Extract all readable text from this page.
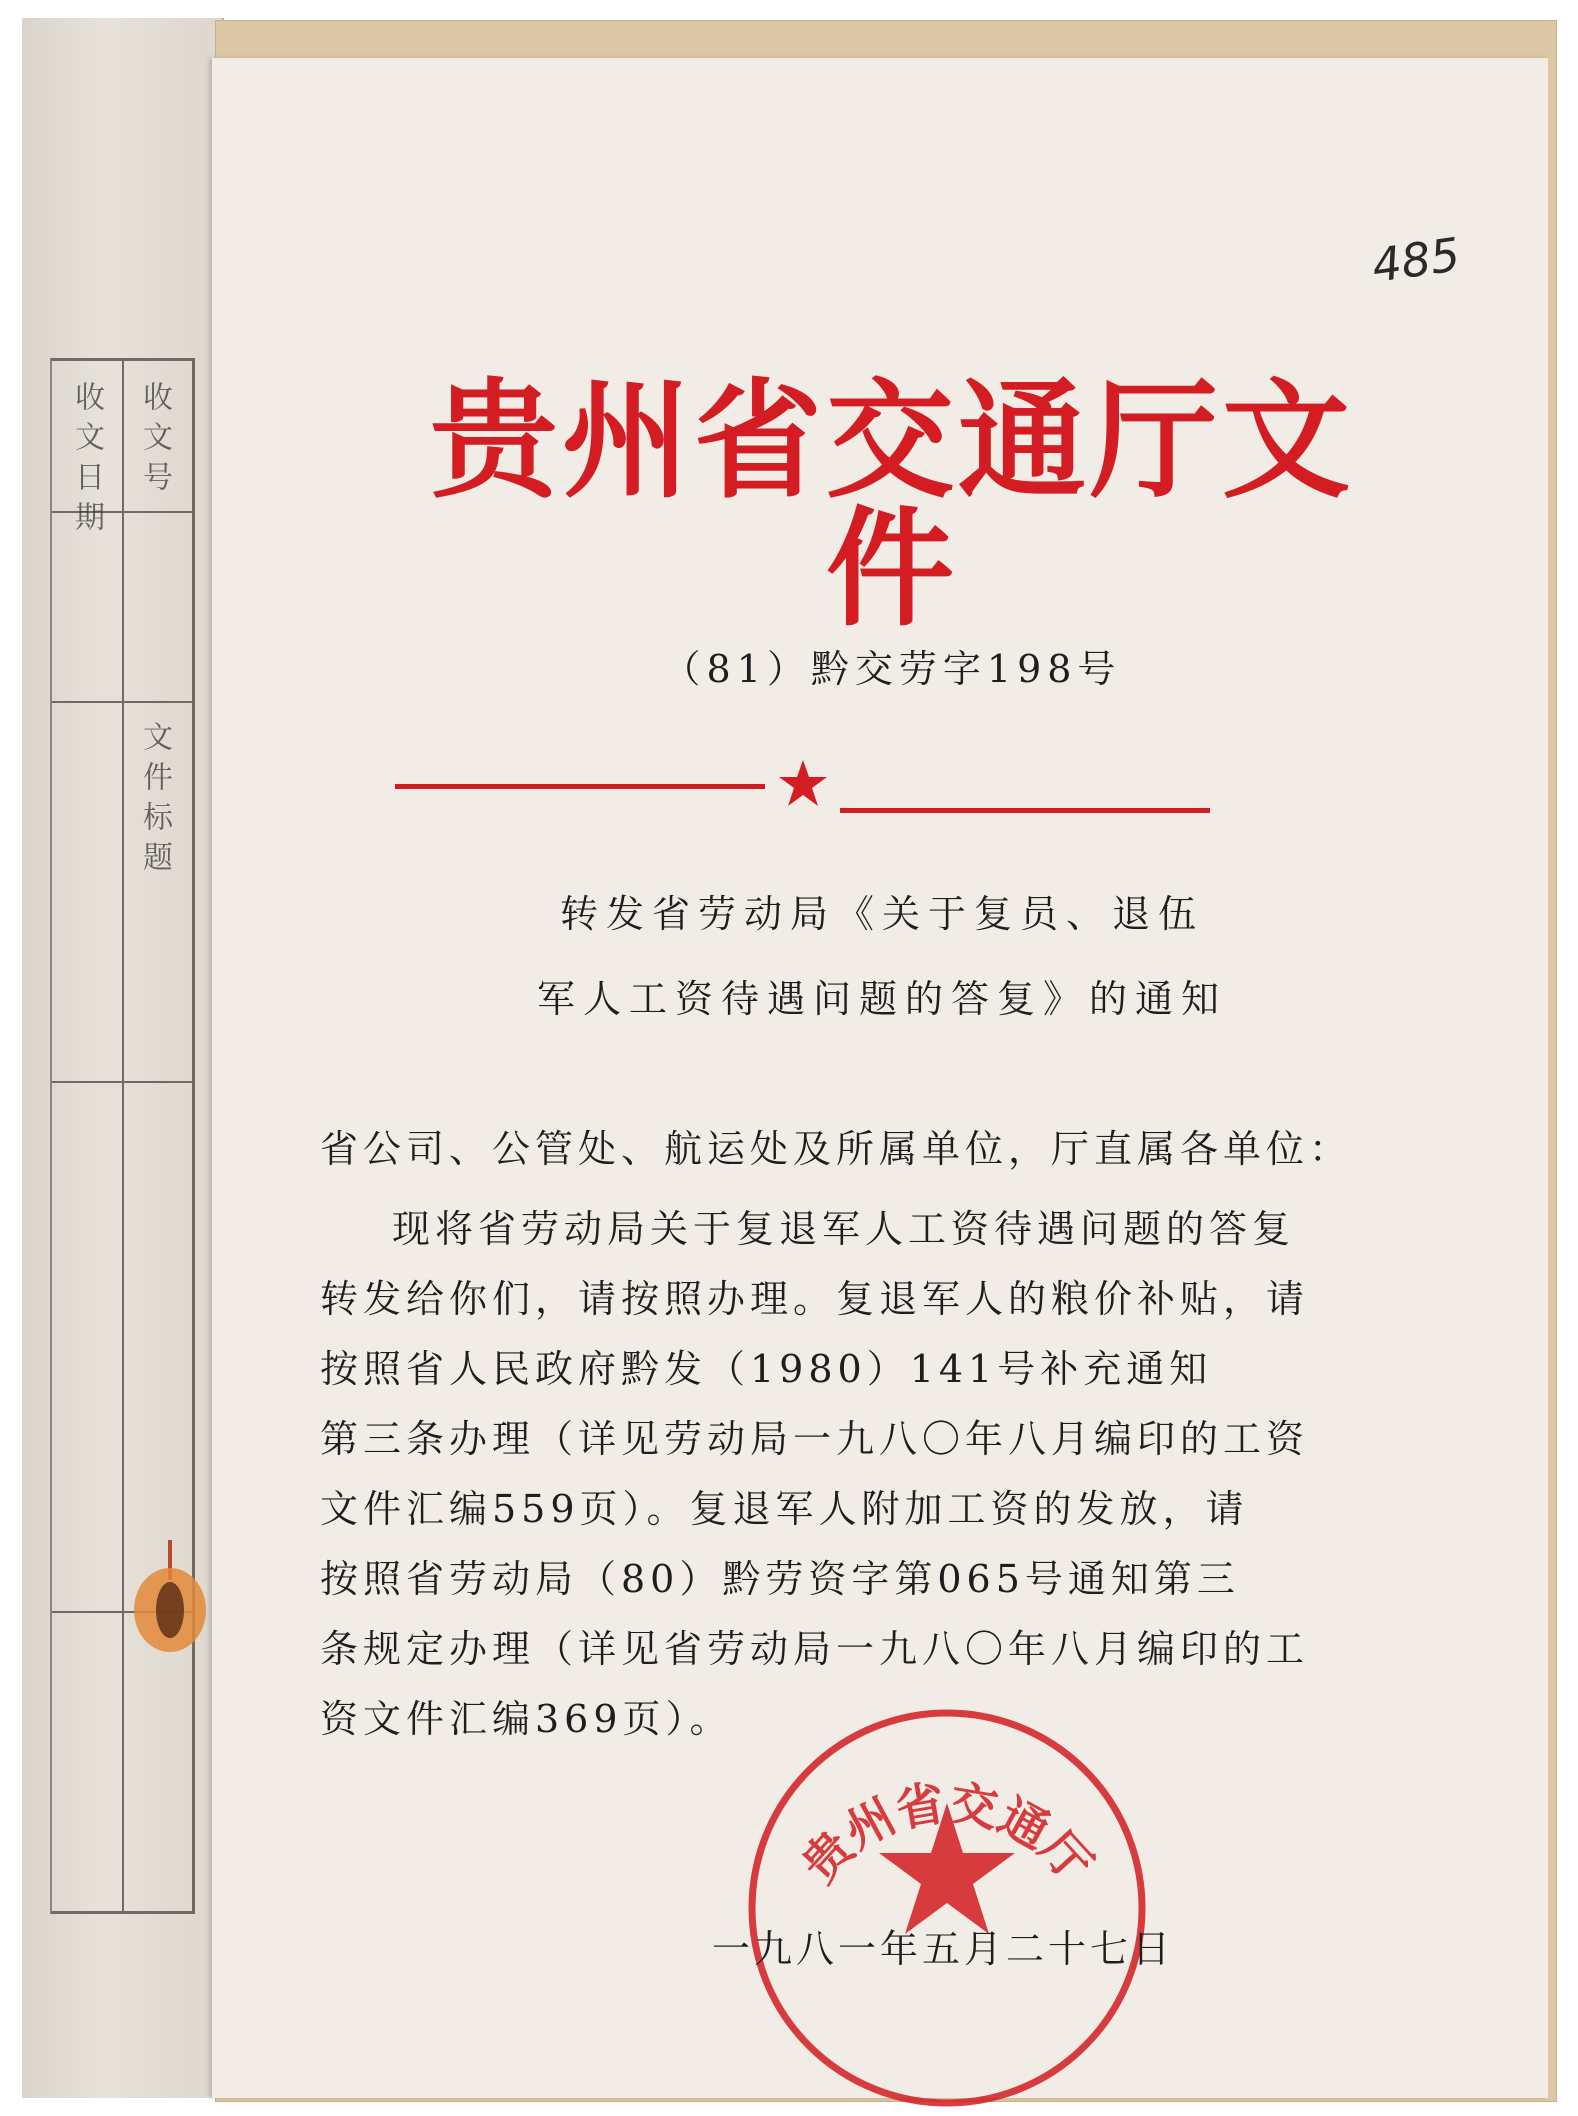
收文日期 收文号
文件标题
485
贵州省交通厅文件
（81）黔交劳字198号
转发省劳动局《关于复员、退伍
军人工资待遇问题的答复》的通知
省公司、公管处、航运处及所属单位，厅直属各单位：
现将省劳动局关于复退军人工资待遇问题的答复
转发给你们，请按照办理。复退军人的粮价补贴，请
按照省人民政府黔发（1980）141号补充通知
第三条办理（详见劳动局一九八〇年八月编印的工资
文件汇编559页）。复退军人附加工资的发放，请
按照省劳动局（80）黔劳资字第065号通知第三
条规定办理（详见省劳动局一九八〇年八月编印的工
资文件汇编369页）。
贵州省交通厅
一九八一年五月二十七日
